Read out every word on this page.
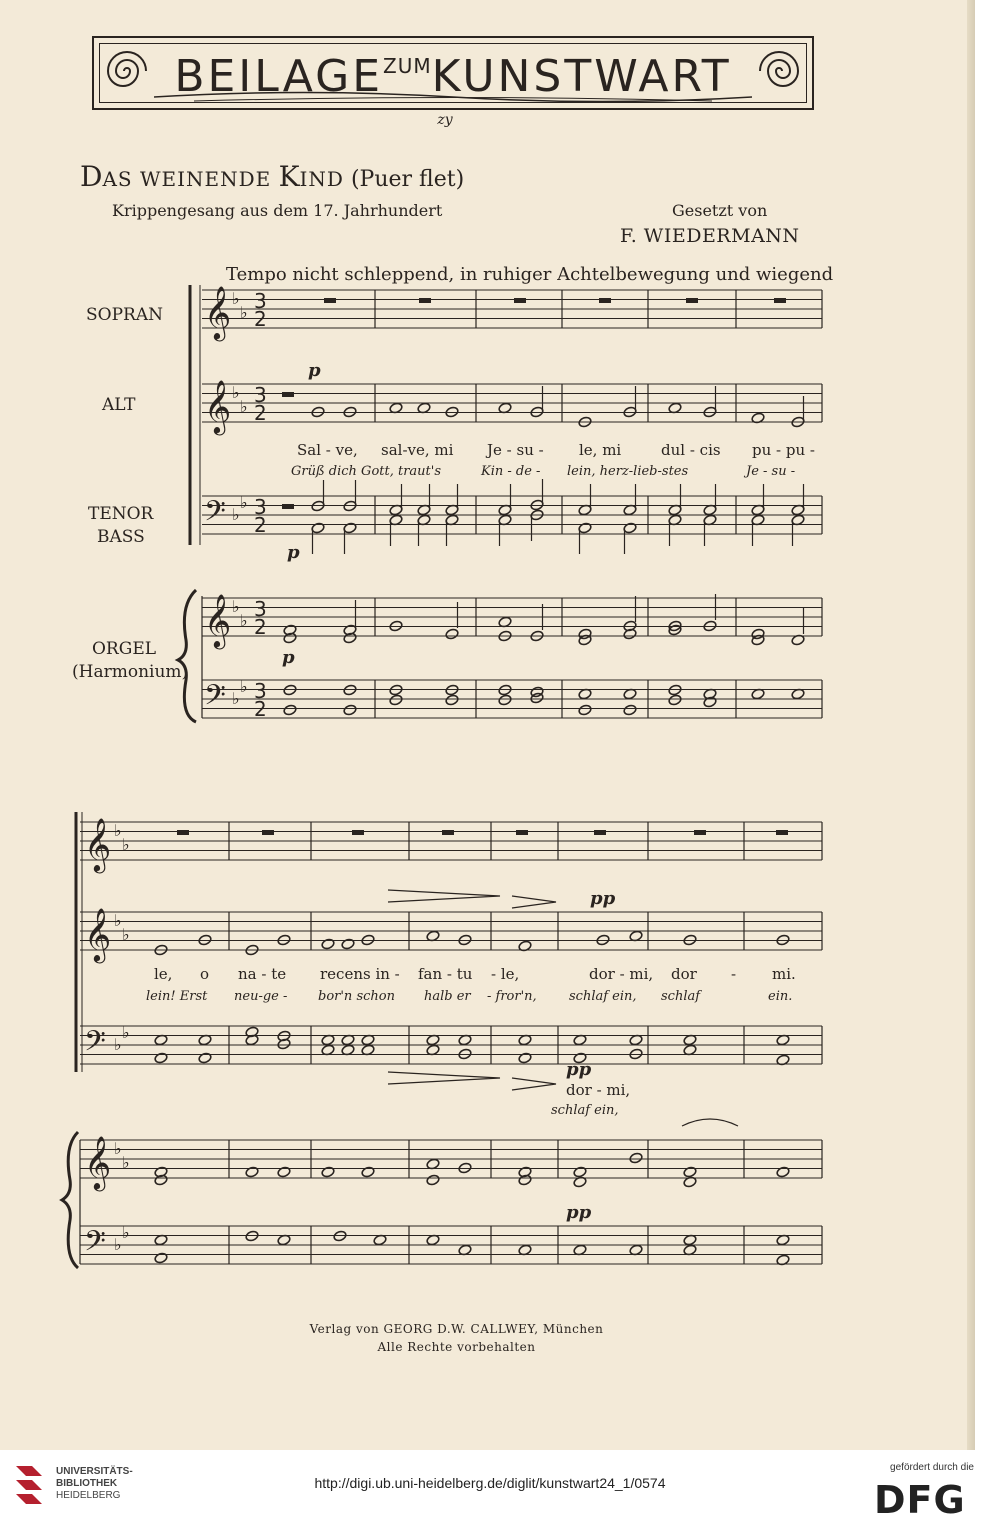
$BEILAGE^{ZUM}KUNSTWART$
zy
DAS WEINENDE KIND (Puer flet)
Krippengesang aus dem 17. Jahrhundert	Gesetzt von
F. WIEDERMANN
Tempo nicht schleppend, in ruhiger Achtelbewegung und wiegend
SOPRAN
ALT
TENOR
BASS
ORGEL
(Harmonium)
𝄞 ♭
♭ 3
2
𝄞 ♭
♭ 3
2
𝄢 ♭
♭ 3
2
𝄞 ♭
♭ 3
2
𝄢 ♭
♭ 3
2
𝄞 ♭
♭
𝄞 ♭
♭
𝄢 ♭
♭
𝄞 ♭
♭
𝄢 ♭
♭
p
p
p
pp
pp
pp
Sal - ve, sal-ve, mi Je - su - le, mi	dul - cis pu - pu -
Grüß dich Gott, traut's	Kin - de - lein, herz-lieb-stes	Je - su -
le, o na - te recens in - fan - tu - le,	dor - mi, dor - mi.
lein! Erst neu-ge - bor'n schon halb er - fror'n, schlaf ein, schlaf	ein.
dor - mi,
schlaf ein,
Verlag von GEORG D.W. CALLWEY, München
Alle Rechte vorbehalten
UNIVERSITÄTS-
BIBLIOTHEK
HEIDELBERG
http://digi.ub.uni-heidelberg.de/diglit/kunstwart24_1/0574
gefördert durch die
DFG
